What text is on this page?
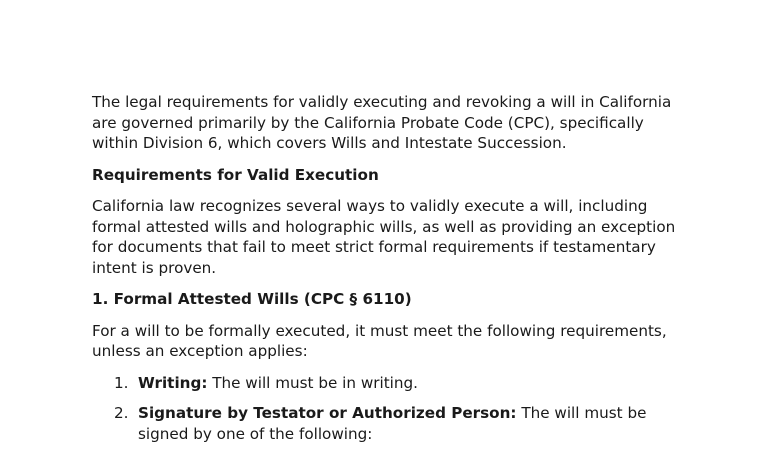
The legal requirements for validly executing and revoking a will in California are governed primarily by the California Probate Code (CPC), specifically within Division 6, which covers Wills and Intestate Succession.

Requirements for Valid Execution

California law recognizes several ways to validly execute a will, including formal attested wills and holographic wills, as well as providing an exception for documents that fail to meet strict formal requirements if testamentary intent is proven.

1. Formal Attested Wills (CPC § 6110)

For a will to be formally executed, it must meet the following requirements, unless an exception applies:

1. Writing: The will must be in writing.
2. Signature by Testator or Authorized Person: The will must be signed by one of the following:
